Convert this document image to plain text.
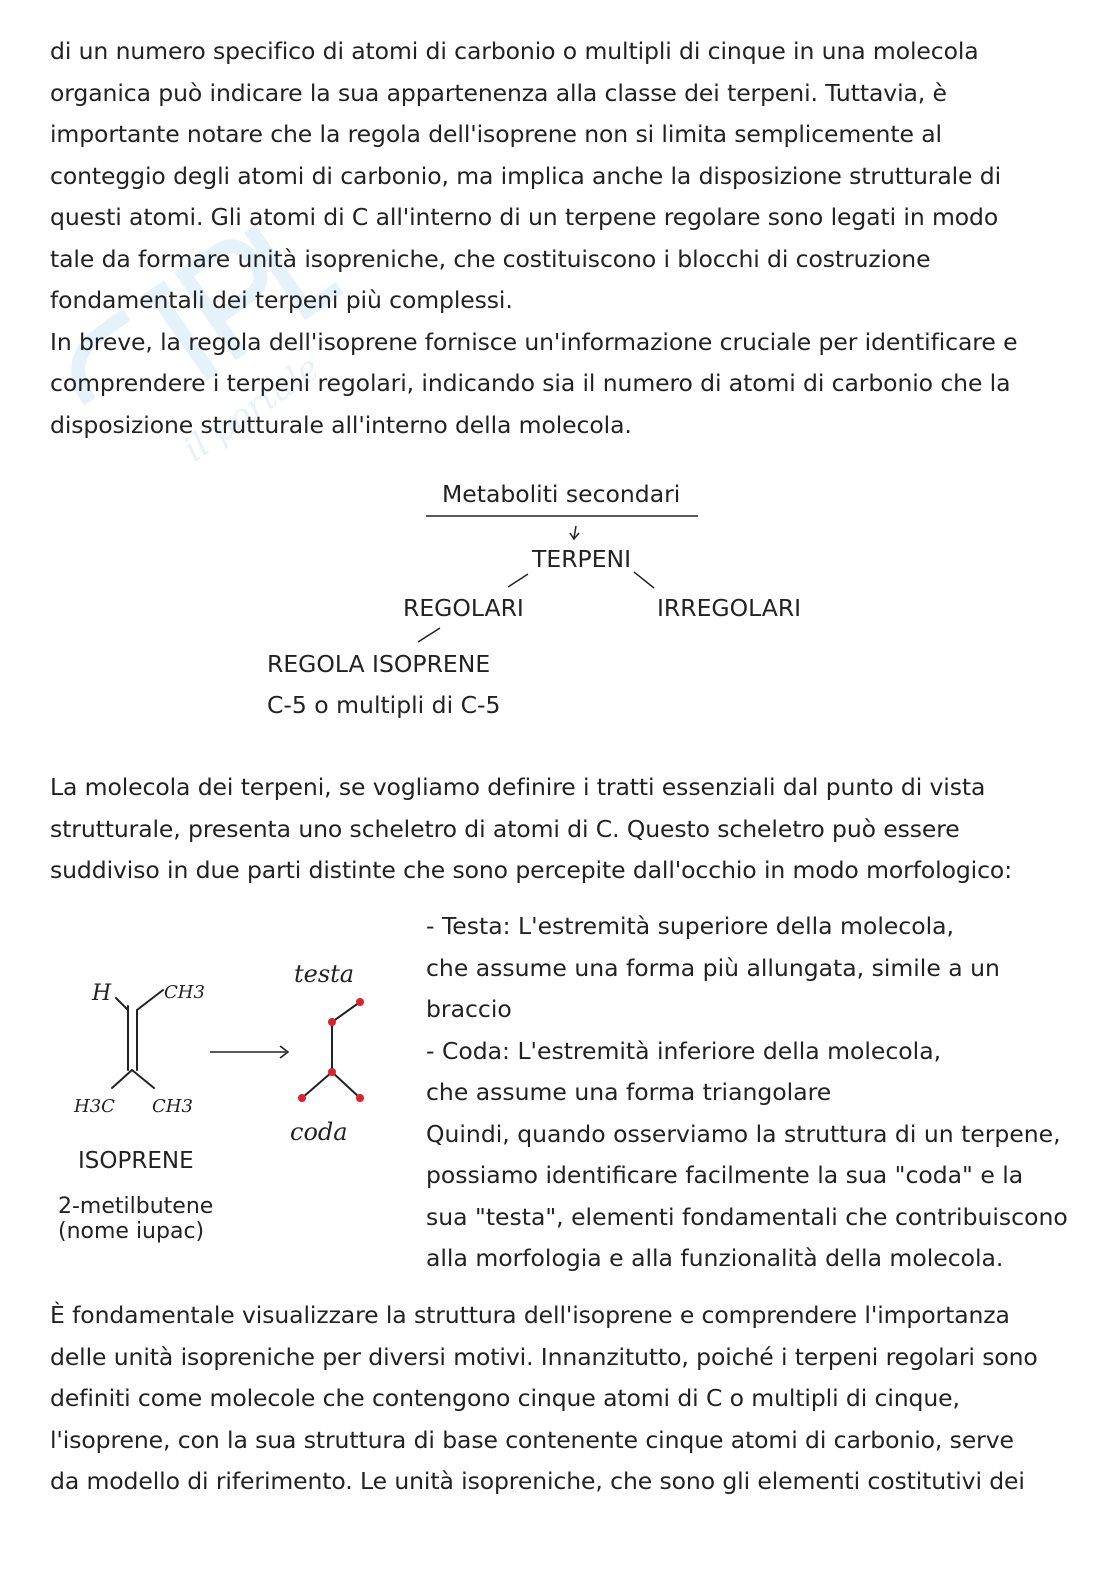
il portale
di un numero specifico di atomi di carbonio o multipli di cinque in una molecola
organica può indicare la sua appartenenza alla classe dei terpeni. Tuttavia, è
importante notare che la regola dell'isoprene non si limita semplicemente al
conteggio degli atomi di carbonio, ma implica anche la disposizione strutturale di
questi atomi. Gli atomi di C all'interno di un terpene regolare sono legati in modo
tale da formare unità isopreniche, che costituiscono i blocchi di costruzione
fondamentali dei terpeni più complessi.
In breve, la regola dell'isoprene fornisce un'informazione cruciale per identificare e
comprendere i terpeni regolari, indicando sia il numero di atomi di carbonio che la
disposizione strutturale all'interno della molecola.
Metaboliti secondari
TERPENI
REGOLARI	IRREGOLARI
REGOLA ISOPRENE
C-5 o multipli di C-5
La molecola dei terpeni, se vogliamo definire i tratti essenziali dal punto di vista
strutturale, presenta uno scheletro di atomi di C. Questo scheletro può essere
suddiviso in due parti distinte che sono percepite dall'occhio in modo morfologico:
H	CH3
H3C CH3
testa
coda
ISOPRENE
2-metilbutene
(nome iupac)
- Testa: L'estremità superiore della molecola,
che assume una forma più allungata, simile a un
braccio
- Coda: L'estremità inferiore della molecola,
che assume una forma triangolare
Quindi, quando osserviamo la struttura di un terpene,
possiamo identificare facilmente la sua "coda" e la
sua "testa", elementi fondamentali che contribuiscono
alla morfologia e alla funzionalità della molecola.
È fondamentale visualizzare la struttura dell'isoprene e comprendere l'importanza
delle unità isopreniche per diversi motivi. Innanzitutto, poiché i terpeni regolari sono
definiti come molecole che contengono cinque atomi di C o multipli di cinque,
l'isoprene, con la sua struttura di base contenente cinque atomi di carbonio, serve
da modello di riferimento. Le unità isopreniche, che sono gli elementi costitutivi dei
